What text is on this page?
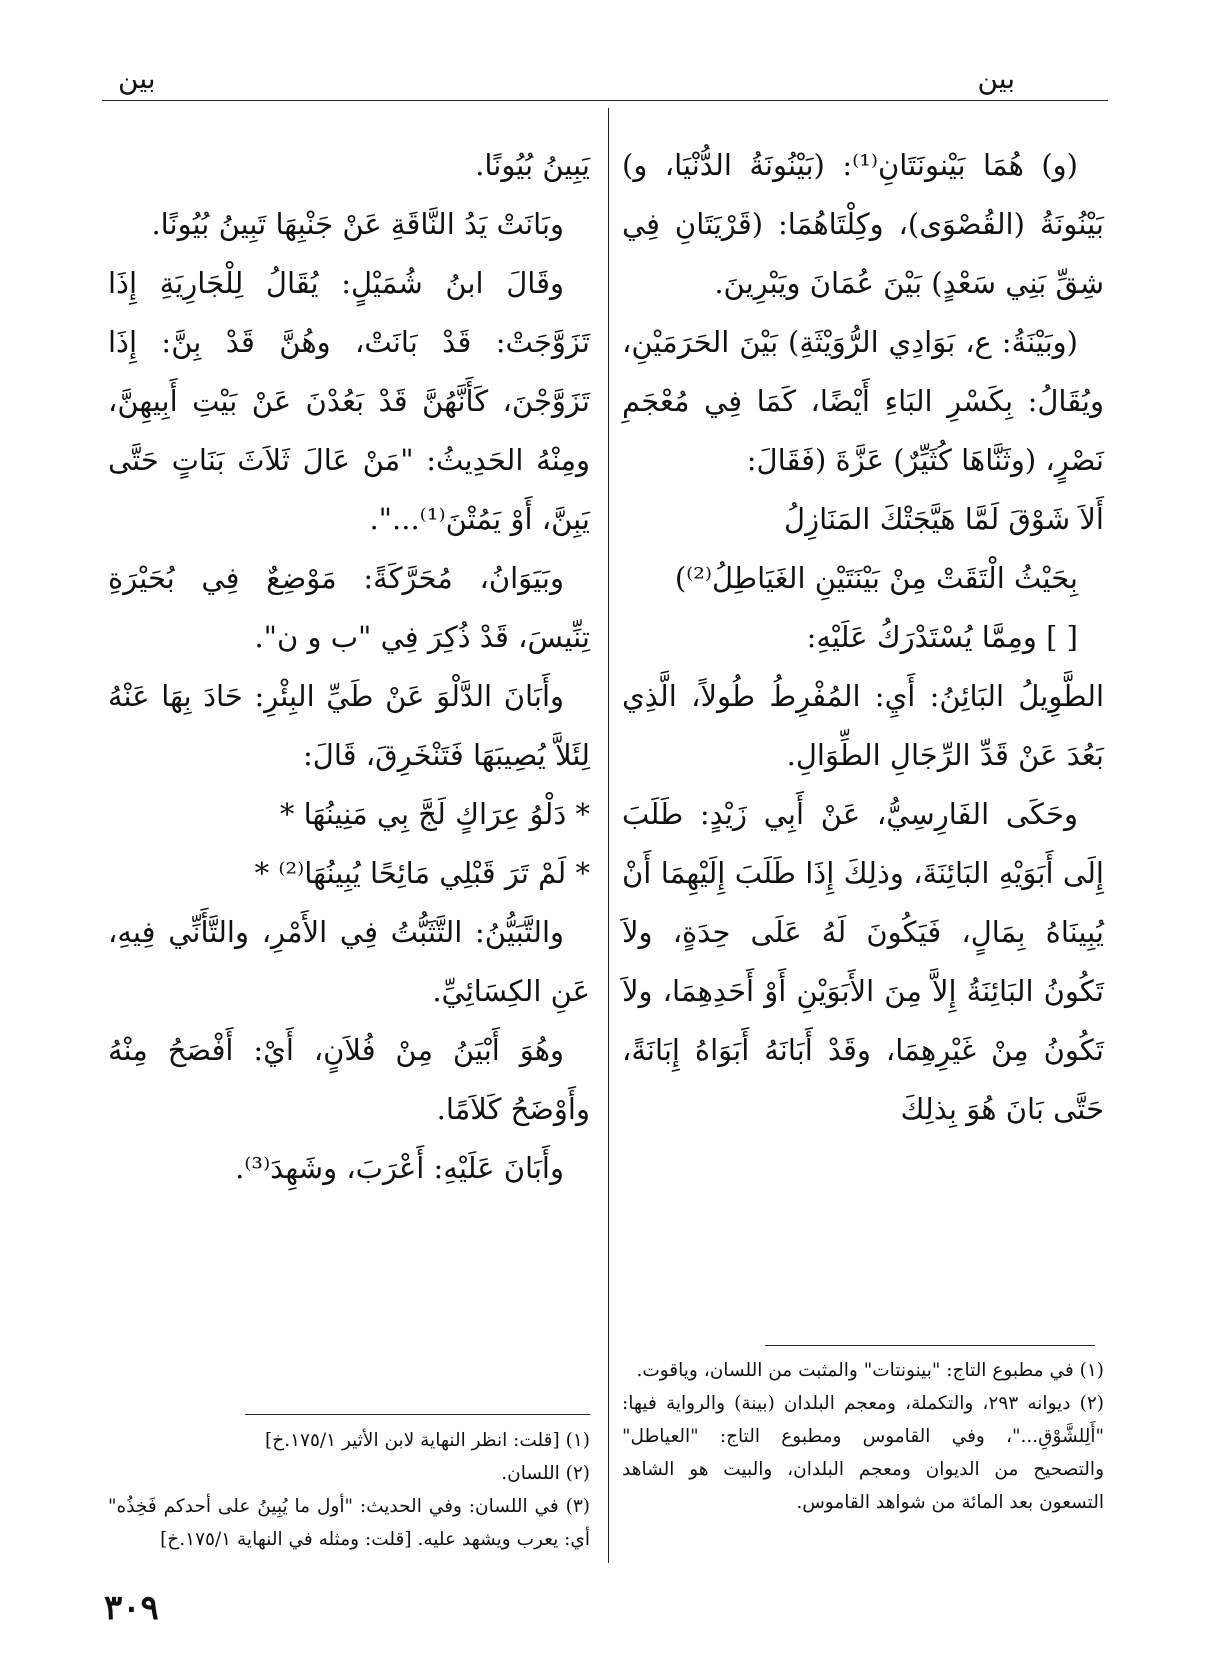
بين
بين

(و) هُمَا بَيْنونَتَانِ⁽¹⁾: (بَيْنُونَةُ الدُّنْيَا، و) بَيْنُونَةُ (القُصْوَى)، وكِلْتَاهُمَا: (قَرْيَتَانِ فِي شِقِّ بَنِي سَعْدٍ) بَيْنَ عُمَانَ ويَبْرِينَ.

(وبَيْنَةُ: ع، بَوَادِي الرُّوَيْثَةِ) بَيْنَ الحَرَمَيْنِ، ويُقَالُ: بِكَسْرِ البَاءِ أَيْضًا، كَمَا فِي مُعْجَمِ نَصْرٍ، (وثَنَّاهَا كُثَيِّرٌ) عَزَّةَ (فَقَالَ:

أَلاَ شَوْقَ لَمَّا هَيَّجَتْكَ المَنَازِلُ

بِحَيْثُ الْتَقَتْ مِنْ بَيْنَتَيْنِ الغَيَاطِلُ⁽²⁾)

[ ] ومِمَّا يُسْتَدْرَكُ عَلَيْهِ:

الطَّوِيلُ البَائِنُ: أَيِ: المُفْرِطُ طُولاً، الَّذِي بَعُدَ عَنْ قَدِّ الرِّجَالِ الطِّوَالِ.

وحَكَى الفَارِسِيُّ، عَنْ أَبِي زَيْدٍ: طَلَبَ إِلَى أَبَوَيْهِ البَائِنَةَ، وذلِكَ إِذَا طَلَبَ إِلَيْهِمَا أَنْ يُبِينَاهُ بِمَالٍ، فَيَكُونَ لَهُ عَلَى حِدَةٍ، ولاَ تَكُونُ البَائِنَةُ إِلاَّ مِنَ الأَبَوَيْنِ أَوْ أَحَدِهِمَا، ولاَ تَكُونُ مِنْ غَيْرِهِمَا، وقَدْ أَبَانَهُ أَبَوَاهُ إِبَانَةً، حَتَّى بَانَ هُوَ بِذلِكَ

يَبِينُ بُيُونًا.

وبَانَتْ يَدُ النَّاقَةِ عَنْ جَنْبِهَا تَبِينُ بُيُونًا.

وقَالَ ابنُ شُمَيْلٍ: يُقَالُ لِلْجَارِيَةِ إِذَا تَزَوَّجَتْ: قَدْ بَانَتْ، وهُنَّ قَدْ بِنَّ: إِذَا تَزَوَّجْنَ، كَأَنَّهُنَّ قَدْ بَعُدْنَ عَنْ بَيْتِ أَبِيهِنَّ، ومِنْهُ الحَدِيثُ: "مَنْ عَالَ ثَلاَثَ بَنَاتٍ حَتَّى يَبِنَّ، أَوْ يَمُتْنَ⁽¹⁾...".

وبَيَوَانُ، مُحَرَّكَةً: مَوْضِعٌ فِي بُحَيْرَةِ تِنِّيسَ، قَدْ ذُكِرَ فِي "ب و ن".

وأَبَانَ الدَّلْوَ عَنْ طَيِّ البِئْرِ: حَادَ بِهَا عَنْهُ لِئَلاَّ يُصِيبَهَا فَتَنْخَرِقَ، قَالَ:

* دَلْوُ عِرَاكٍ لَجَّ بِي مَنِينُهَا *

* لَمْ تَرَ قَبْلِي مَائِحًا يُبِينُهَا⁽²⁾ *

والتَّبَيُّنُ: التَّثَبُّتُ فِي الأَمْرِ، والتَّأَنِّي فِيهِ، عَنِ الكِسَائِيِّ.

وهُوَ أَبْيَنُ مِنْ فُلاَنٍ، أَيْ: أَفْصَحُ مِنْهُ وأَوْضَحُ كَلاَمًا.

وأَبَانَ عَلَيْهِ: أَعْرَبَ، وشَهِدَ⁽³⁾.

(١) في مطبوع التاج: "بينونتات" والمثبت من اللسان، وياقوت.

(٢) ديوانه ٢٩٣، والتكملة، ومعجم البلدان (بينة) والرواية فيها: "أَلِلشَّوْقِ..."، وفي القاموس ومطبوع التاج: "العياطل" والتصحيح من الديوان ومعجم البلدان، والبيت هو الشاهد التسعون بعد المائة من شواهد القاموس.

(١) [قلت: انظر النهاية لابن الأثير ١٧٥/١.خ]

(٢) اللسان.

(٣) في اللسان: وفي الحديث: "أول ما يُبِينُ على أحدكم فَخِذُه" أي: يعرب ويشهد عليه. [قلت: ومثله في النهاية ١٧٥/١.خ]

٣٠٩
